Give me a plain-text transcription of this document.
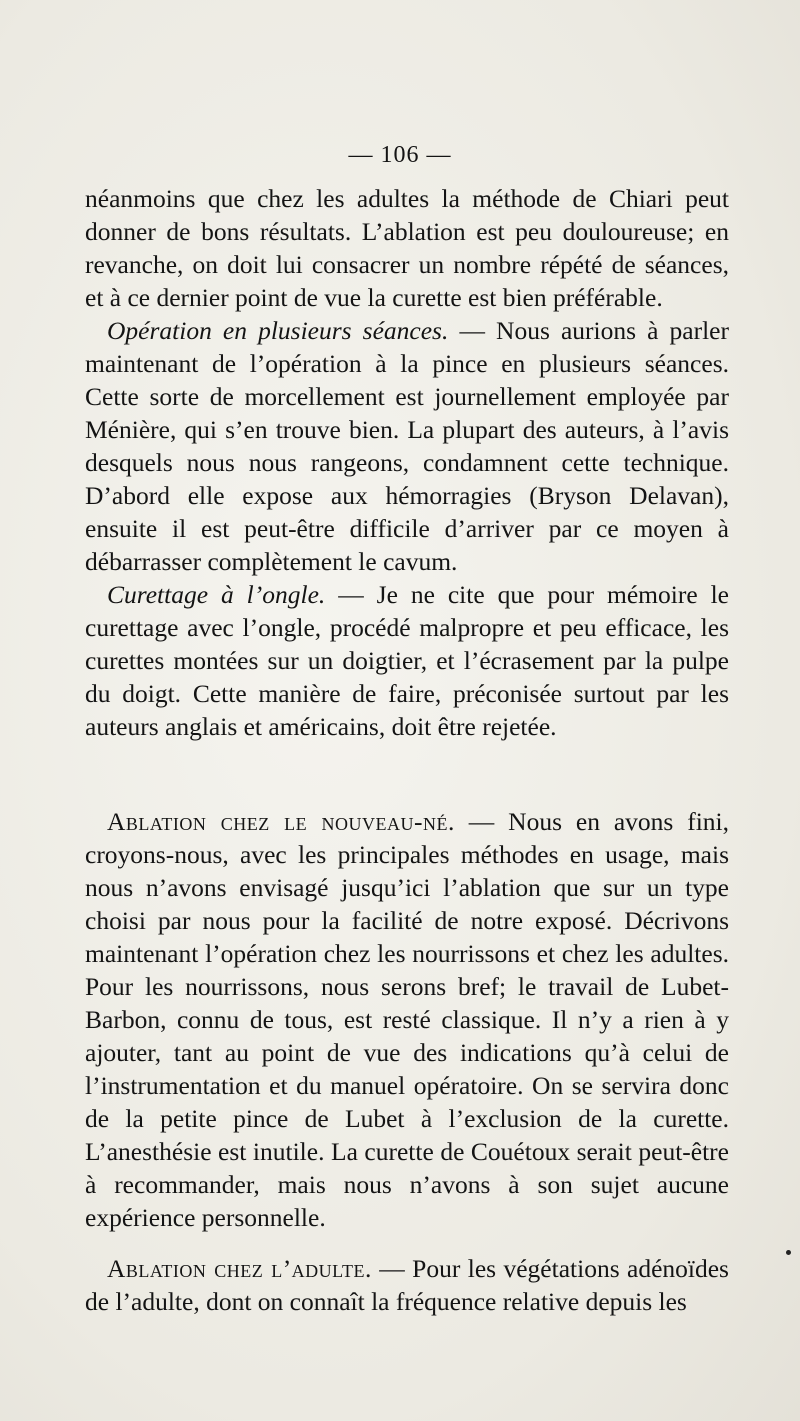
— 106 —

néanmoins que chez les adultes la méthode de Chiari peut donner de bons résultats. L’ablation est peu douloureuse; en revanche, on doit lui consacrer un nombre répété de séances, et à ce dernier point de vue la curette est bien préférable.

Opération en plusieurs séances. — Nous aurions à parler maintenant de l’opération à la pince en plusieurs séances. Cette sorte de morcellement est journellement employée par Ménière, qui s’en trouve bien. La plupart des auteurs, à l’avis desquels nous nous rangeons, condamnent cette technique. D’abord elle expose aux hémorragies (Bryson Delavan), ensuite il est peut-être difficile d’arriver par ce moyen à débarrasser complètement le cavum.

Curettage à l’ongle. — Je ne cite que pour mémoire le curettage avec l’ongle, procédé malpropre et peu efficace, les curettes montées sur un doigtier, et l’écrasement par la pulpe du doigt. Cette manière de faire, préconisée surtout par les auteurs anglais et américains, doit être rejetée.

Ablation chez le nouveau-né. — Nous en avons fini, croyons-nous, avec les principales méthodes en usage, mais nous n’avons envisagé jusqu’ici l’ablation que sur un type choisi par nous pour la facilité de notre exposé. Décrivons maintenant l’opération chez les nourrissons et chez les adultes. Pour les nourrissons, nous serons bref; le travail de Lubet-Barbon, connu de tous, est resté classique. Il n’y a rien à y ajouter, tant au point de vue des indications qu’à celui de l’instrumentation et du manuel opératoire. On se servira donc de la petite pince de Lubet à l’exclusion de la curette. L’anesthésie est inutile. La curette de Couétoux serait peut-être à recommander, mais nous n’avons à son sujet aucune expérience personnelle.

Ablation chez l’adulte. — Pour les végétations adénoïdes de l’adulte, dont on connaît la fréquence relative depuis les
